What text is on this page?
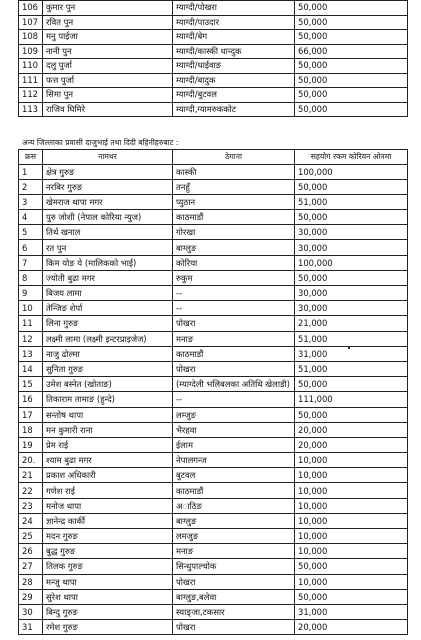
106	कुमार पुन	म्याग्दी/पोखरा	50,000
107	रवित पुन	म्याग्दी/पाउदार	50,000
108	मनु पाईजा	म्याग्दी/बेग	50,000
109	नानी पुन	म्याग्दी/कास्की धान्दुक	66,000
110	दलु पुर्जा	म्याग्दी/धाईवाङ	50,000
111	फत्त पुर्जा	म्याग्दी/बादुक	50,000
112	सिमा पुन	म्याग्दी/बुटवल	50,000
113	राजिव घिमिरे	म्याग्दी,ग्यामरुककोट	50,000
अन्य जिल्लाका प्रवासी दाजुभाई तथा दिदी बहिनीहरुबाट :
क्रस	नामथर	ठेगाना	सहयोग रकम कोरियन ओनमा
1	क्षेत्र गुरुङ	कास्की	100,000
2	नरबिर गुरुङ	तनहुँ	50,000
3	खेमराज थापा मगर	प्युठान	51,000
4	पुरु जोशी (नेपाल कोरिया न्युज)	काठमाडौं	50,000
5	तिर्थ खनाल	गोरखा	30,000
6	रत पुन	बाग्लुङ	30,000
7	किम योङ ये (मालिकको भाई)	कोरिया	100,000
8	ज्योती बुढा मगर	रुकुम	50,000
9	बिजय लामा	--	30,000
10	तेन्जिङ शेर्पा	--	30,000
11	लिना गुरुङ	पोखरा	21,000
12	लक्ष्मी लामा (लक्ष्मी इन्टरप्राइजेज)	मनाङ	51,000
13	नाजु ढोल्मा	काठमाडौं	31,000
14	सुनिता गुरुङ	पोखरा	51,000
15	उमेश बस्नेत (खोताङ)	(म्याग्देली भलिबलका अतिथि खेलाडी)	50,000
16	तिकाराम तामाङ (हुन्दे)	--	111,000
17	सन्तोष थापा	लम्जुङ	50,000
18	मन कुमारी राना	भैरहवा	20,000
19	प्रेम राई	ईलाम	20,000
20.	श्याम बुढा मगर	नेपालगन्ज	10,000
21	प्रकाश अधिकारी	बुटवल	10,000
22	गणेश राई	काठमाडौं	10,000
23	मनोज थापा	अाठिङ	10,000
24	ज्ञानेन्द्र कार्की	बाग्लुङ	10,000
25	मदन गुरुङ	लमजुङ	10,000
26	बुद्ध गुरुङ	मनाङ	10,000
27	तिलक गुरुङ	सिन्धुपाल्चोक	50,000
28	मन्जु थापा	पोखरा	10,000
29	सुरेश थापा	बाग्लुङ,बलेवा	50,000
30	बिन्दु गुरुङ	स्याङ्जा,टकसार	31,000
31	रमेश गुरुङ	पोखरा	20,000
